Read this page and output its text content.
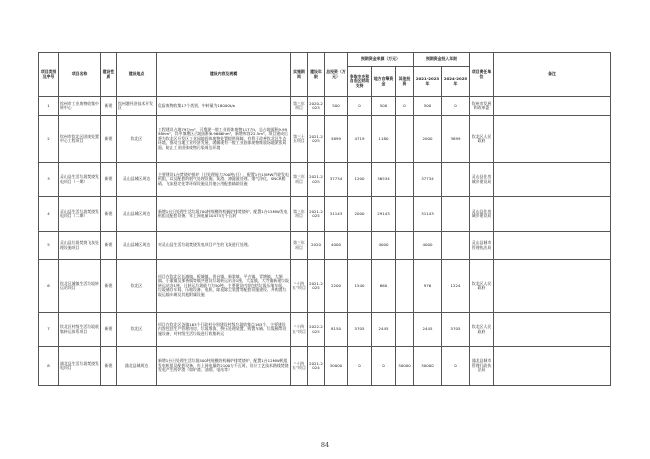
项目类别及序号	项目名称	建设性质	建设地点	建设内容及规模	实施期间	建设年限	总投资（万元）	预期资金来源（万元）			预期资金投入年限		项目责任单位	备注
								争取中央和自治区财政支持	地方自筹资金	其他投资	2021-2023年	2024-2025年		
1	钦州市工业废物收集中转中心	新建	钦州港经济技术开发区	危险废物收集17个类别，中转量为18000t/a	第三年项目	2020-2023	500	0	500	0	500	0	钦州市发展和改革委	
2	钦州市钦北区固废处置中心工程项目	新建	钦北区	工程建设占地79万m²，可堆建一般工业固体废物117万t，总占地面积9.9998hm²，其中填埋区占地面积6.9666hm²，新增库容22.5m³。项目建成后将为钦北区开发区工业园地固体废物处置提供保障，有利于改善钦北区生态环境，推动当地工业经济发展，缓解现有一般工业固体废物堆放场地紧张局面，防止工业固体废物污染周边环境	第三十五项目	2021-2025	5899	4719	1180		2000	3899	钦北区人民政府	
3	灵山县生活垃圾焚烧发电项目（一期）	新建	灵山县城区周边	主要建设1台焚烧炉排炉（日处理能力700吨/日），配置1台15MW汽轮发电机组，以及配套的烟气处理设施、灰渣、渗滤液处理、烟气净化、SNCR脱硝、飞灰稳定化等环保设施及其他公用配套辅助设施	第三年项目	2021-2025	37734	1200	36534		37734		灵山县住房城乡建设局	
4	灵山县生活垃圾焚烧发电项目（二期）	新建	灵山县城区周边	新增1台日处理生活垃圾700吨规模的机械炉排焚烧炉，配置1台15MW发电机组及配套设备，年上网电量10473万千瓦时	第三年项目	2021-2025	31143	2000	29143		31143		灵山县住房城乡建设局	
5	灵山县垃圾焚烧飞灰处理设施项目	新建	灵山县城区周边	对灵山县生活垃圾焚烧发电项目产生的飞灰进行处理。	第三年项目	2020	4000		4000		4000		灵山县城市管理执法局	
6	钦北区城镇生活垃圾转运站项目	新建	钦北区	项目在钦北区长滩镇、板城镇、贵台镇、新棠镇、平吉镇、青塘镇、大垌镇、小董镇及那香镇等镇共建设垃圾转运站各1座，大直镇、大寺镇新建垃圾转运站各1座，日转运垃圾能力为50吨，主要建设内容包括垃圾压缩车间、垃圾储存车间、压缩设备、电机、除臭除尘装置等配套设施建设，并购置垃圾运输车辆及其他附属设施	“十四五”项目	2021-2025	2200	1540	660		976	1224	钦北区人民政府	
7	钦北区村级生活垃圾收集转运体系项目	新建	钦北区	项目在钦北区各镇163个行政村分别建设村级垃圾收集点163个，主要建设内容包括生产管理用房、垃圾堆放、挤压处理装置，购置车辆、垃圾桶等设施设备，对村级生活垃圾进行收集转运	“十四五”项目	2022-2025	8150	5705	2445		2445	5705	钦北区人民政府	
8	浦北县生活垃圾焚烧发电项目	新建	浦北县城周边	新增1台日处理生活垃圾500吨规模的机械炉排焚烧炉，配置1台12MW机组发电机组及配套设备，年上网电量约2100万千瓦时。设计工艺技术路线焚烧发电产生的炉渣（如炉渣、油烟、电站等）	“十四五”项目	2021-2024	30000	0	0	30000	30000	0	浦北县城市管理行政执法局	
84
